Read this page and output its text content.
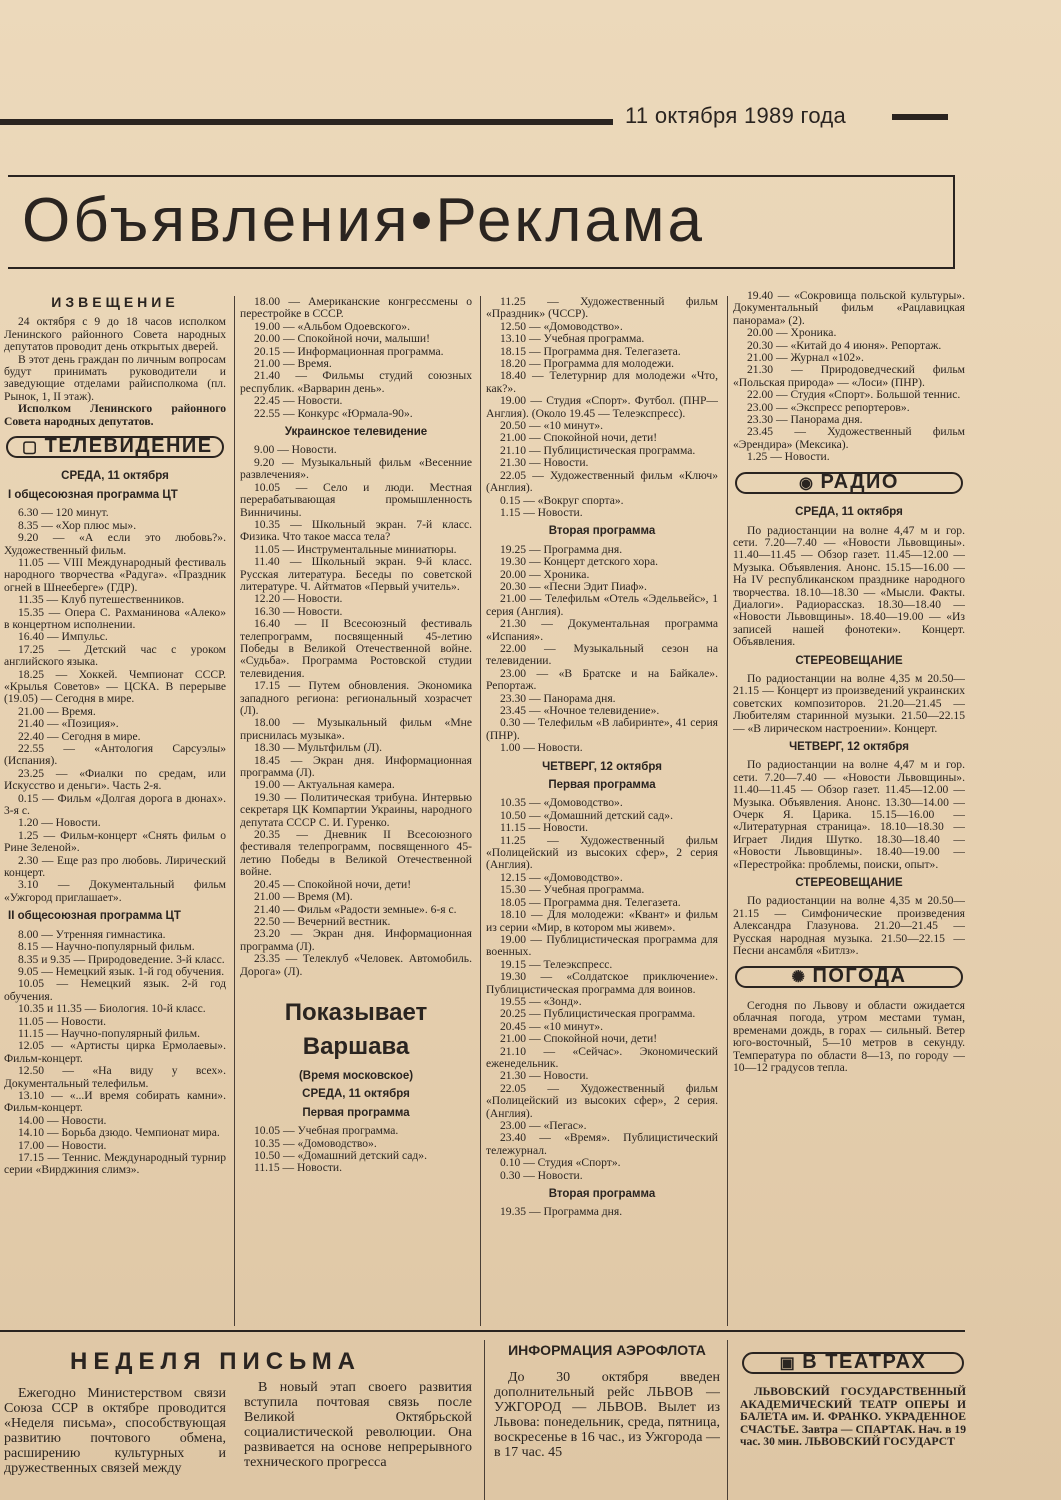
11 октября 1989 года
Объявления•Реклама
ИЗВЕЩЕНИЕ

24 октября с 9 до 18 часов исполком Ленинского районного Совета народных депутатов проводит день открытых дверей.

В этот день граждан по личным вопросам будут принимать руководители и заведующие отделами райисполкома (пл. Рынок, 1, II этаж).

Исполком Ленинского районного Совета народных депутатов.

▢ ТЕЛЕВИДЕНИЕ
СРЕДА, 11 октября
I общесоюзная программа ЦТ

6.30 — 120 минут.

8.35 — «Хор плюс мы».

9.20 — «А если это любовь?». Художественный фильм.

11.05 — VIII Международный фестиваль народного творчества «Радуга». «Праздник огней в Шнееберге» (ГДР).

11.35 — Клуб путешественников.

15.35 — Опера С. Рахманинова «Алеко» в концертном исполнении.

16.40 — Импульс.

17.25 — Детский час с уроком английского языка.

18.25 — Хоккей. Чемпионат СССР. «Крылья Советов» — ЦСКА. В перерыве (19.05) — Сегодня в мире.

21.00 — Время.

21.40 — «Позиция».

22.40 — Сегодня в мире.

22.55 — «Антология Сарсуэлы» (Испания).

23.25 — «Фиалки по средам, или Искусство и деньги». Часть 2-я.

0.15 — Фильм «Долгая дорога в дюнах». 3-я с.

1.20 — Новости.

1.25 — Фильм-концерт «Снять фильм о Рине Зеленой».

2.30 — Еще раз про любовь. Лирический концерт.

3.10 — Документальный фильм «Ужгород приглашает».

II общесоюзная программа ЦТ

8.00 — Утренняя гимнастика.

8.15 — Научно-популярный фильм.

8.35 и 9.35 — Природоведение. 3-й класс.

9.05 — Немецкий язык. 1-й год обучения.

10.05 — Немецкий язык. 2-й год обучения.

10.35 и 11.35 — Биология. 10-й класс.

11.05 — Новости.

11.15 — Научно-популярный фильм.

12.05 — «Артисты цирка Ермолаевы». Фильм-концерт.

12.50 — «На виду у всех». Документальный телефильм.

13.10 — «...И время собирать камни». Фильм-концерт.

14.00 — Новости.

14.10 — Борьба дзюдо. Чемпионат мира.

17.00 — Новости.

17.15 — Теннис. Международный турнир серии «Вирджиния слимз».

18.00 — Американские конгрессмены о перестройке в СССР.

19.00 — «Альбом Одоевского».

20.00 — Спокойной ночи, малыши!

20.15 — Информационная программа.

21.00 — Время.

21.40 — Фильмы студий союзных республик. «Варварин день».

22.45 — Новости.

22.55 — Конкурс «Юрмала-90».

Украинское телевидение

9.00 — Новости.

9.20 — Музыкальный фильм «Весенние развлечения».

10.05 — Село и люди. Местная перерабатывающая промышленность Винничины.

10.35 — Школьный экран. 7-й класс. Физика. Что такое масса тела?

11.05 — Инструментальные миниатюры.

11.40 — Школьный экран. 9-й класс. Русская литература. Беседы по советской литературе. Ч. Айтматов «Первый учитель».

12.20 — Новости.

16.30 — Новости.

16.40 — II Всесоюзный фестиваль телепрограмм, посвященный 45-летию Победы в Великой Отечественной войне. «Судьба». Программа Ростовской студии телевидения.

17.15 — Путем обновления. Экономика западного региона: региональный хозрасчет (Л).

18.00 — Музыкальный фильм «Мне приснилась музыка».

18.30 — Мультфильм (Л).

18.45 — Экран дня. Информационная программа (Л).

19.00 — Актуальная камера.

19.30 — Политическая трибуна. Интервью секретаря ЦК Компартии Украины, народного депутата СССР С. И. Гуренко.

20.35 — Дневник II Всесоюзного фестиваля телепрограмм, посвященного 45-летию Победы в Великой Отечественной войне.

20.45 — Спокойной ночи, дети!

21.00 — Время (М).

21.40 — Фильм «Радости земные». 6-я с.

22.50 — Вечерний вестник.

23.20 — Экран дня. Информационная программа (Л).

23.35 — Телеклуб «Человек. Автомобиль. Дорога» (Л).

Показывает Варшава
(Время московское)
СРЕДА, 11 октября
Первая программа

10.05 — Учебная программа.

10.35 — «Домоводство».

10.50 — «Домашний детский сад».

11.15 — Новости.

11.25 — Художественный фильм «Праздник» (ЧССР).

12.50 — «Домоводство».

13.10 — Учебная программа.

18.15 — Программа дня. Телегазета.

18.20 — Программа для молодежи.

18.40 — Телетурнир для молодежи «Что, как?».

19.00 — Студия «Спорт». Футбол. (ПНР—Англия). (Около 19.45 — Телеэкспресс).

20.50 — «10 минут».

21.00 — Спокойной ночи, дети!

21.10 — Публицистическая программа.

21.30 — Новости.

22.05 — Художественный фильм «Ключ» (Англия).

0.15 — «Вокруг спорта».

1.15 — Новости.

Вторая программа

19.25 — Программа дня.

19.30 — Концерт детского хора.

20.00 — Хроника.

20.30 — «Песни Эдит Пиаф».

21.00 — Телефильм «Отель «Эдельвейс», 1 серия (Англия).

21.30 — Документальная программа «Испания».

22.00 — Музыкальный сезон на телевидении.

23.00 — «В Братске и на Байкале». Репортаж.

23.30 — Панорама дня.

23.45 — «Ночное телевидение».

0.30 — Телефильм «В лабиринте», 41 серия (ПНР).

1.00 — Новости.

ЧЕТВЕРГ, 12 октября
Первая программа

10.35 — «Домоводство».

10.50 — «Домашний детский сад».

11.15 — Новости.

11.25 — Художественный фильм «Полицейский из высоких сфер», 2 серия (Англия).

12.15 — «Домоводство».

15.30 — Учебная программа.

18.05 — Программа дня. Телегазета.

18.10 — Для молодежи: «Квант» и фильм из серии «Мир, в котором мы живем».

19.00 — Публицистическая программа для военных.

19.15 — Телеэкспресс.

19.30 — «Солдатское приключение». Публицистическая программа для воинов.

19.55 — «Зонд».

20.25 — Публицистическая программа.

20.45 — «10 минут».

21.00 — Спокойной ночи, дети!

21.10 — «Сейчас». Экономический еженедельник.

21.30 — Новости.

22.05 — Художественный фильм «Полицейский из высоких сфер», 2 серия. (Англия).

23.00 — «Пегас».

23.40 — «Время». Публицистический тележурнал.

0.10 — Студия «Спорт».

0.30 — Новости.

Вторая программа

19.35 — Программа дня.

19.40 — «Сокровища польской культуры». Документальный фильм «Рацлавицкая панорама» (2).

20.00 — Хроника.

20.30 — «Китай до 4 июня». Репортаж.

21.00 — Журнал «102».

21.30 — Природоведческий фильм «Польская природа» — «Лоси» (ПНР).

22.00 — Студия «Спорт». Большой теннис.

23.00 — «Экспресс репортеров».

23.30 — Панорама дня.

23.45 — Художественный фильм «Эрендира» (Мексика).

1.25 — Новости.

◉ РАДИО
СРЕДА, 11 октября

По радиостанции на волне 4,47 м и гор. сети. 7.20—7.40 — «Новости Львовщины». 11.40—11.45 — Обзор газет. 11.45—12.00 — Музыка. Объявления. Анонс. 15.15—16.00 — На IV республиканском празднике народного творчества. 18.10—18.30 — «Мысли. Факты. Диалоги». Радиорассказ. 18.30—18.40 — «Новости Львовщины». 18.40—19.00 — «Из записей нашей фонотеки». Концерт. Объявления.

СТЕРЕОВЕЩАНИЕ

По радиостанции на волне 4,35 м 20.50—21.15 — Концерт из произведений украинских советских композиторов. 21.20—21.45 — Любителям старинной музыки. 21.50—22.15 — «В лирическом настроении». Концерт.

ЧЕТВЕРГ, 12 октября

По радиостанции на волне 4,47 м и гор. сети. 7.20—7.40 — «Новости Львовщины». 11.40—11.45 — Обзор газет. 11.45—12.00 — Музыка. Объявления. Анонс. 13.30—14.00 — Очерк Я. Царика. 15.15—16.00 — «Литературная страница». 18.10—18.30 — Играет Лидия Шутко. 18.30—18.40 — «Новости Львовщины». 18.40—19.00 — «Перестройка: проблемы, поиски, опыт».

СТЕРЕОВЕЩАНИЕ

По радиостанции на волне 4,35 м 20.50—21.15 — Симфонические произведения Александра Глазунова. 21.20—21.45 — Русская народная музыка. 21.50—22.15 — Песни ансамбля «Битлз».

✺ ПОГОДА

Сегодня по Львову и области ожидается облачная погода, утром местами туман, временами дождь, в горах — сильный. Ветер юго-восточный, 5—10 метров в секунду. Температура по области 8—13, по городу — 10—12 градусов тепла.

НЕДЕЛЯ ПИСЬМА

Ежегодно Министерством связи Союза ССР в октябре проводится «Неделя письма», способствующая развитию почтового обмена, расширению культурных и дружественных связей между

В новый этап своего развития вступила почтовая связь после Великой Октябрьской социалистической революции. Она развивается на основе непрерывного технического прогресса

ИНФОРМАЦИЯ АЭРОФЛОТА

До 30 октября введен дополнительный рейс ЛЬВОВ — УЖГОРОД — ЛЬВОВ. Вылет из Львова: понедельник, среда, пятница, воскресенье в 16 час., из Ужгорода — в 17 час. 45

▣ В ТЕАТРАХ

ЛЬВОВСКИЙ ГОСУДАРСТВЕННЫЙ АКАДЕМИЧЕСКИЙ ТЕАТР ОПЕРЫ И БАЛЕТА им. И. ФРАНКО. УКРАДЕННОЕ СЧАСТЬЕ. Завтра — СПАРТАК. Нач. в 19 час. 30 мин. ЛЬВОВСКИЙ ГОСУДАРСТ
